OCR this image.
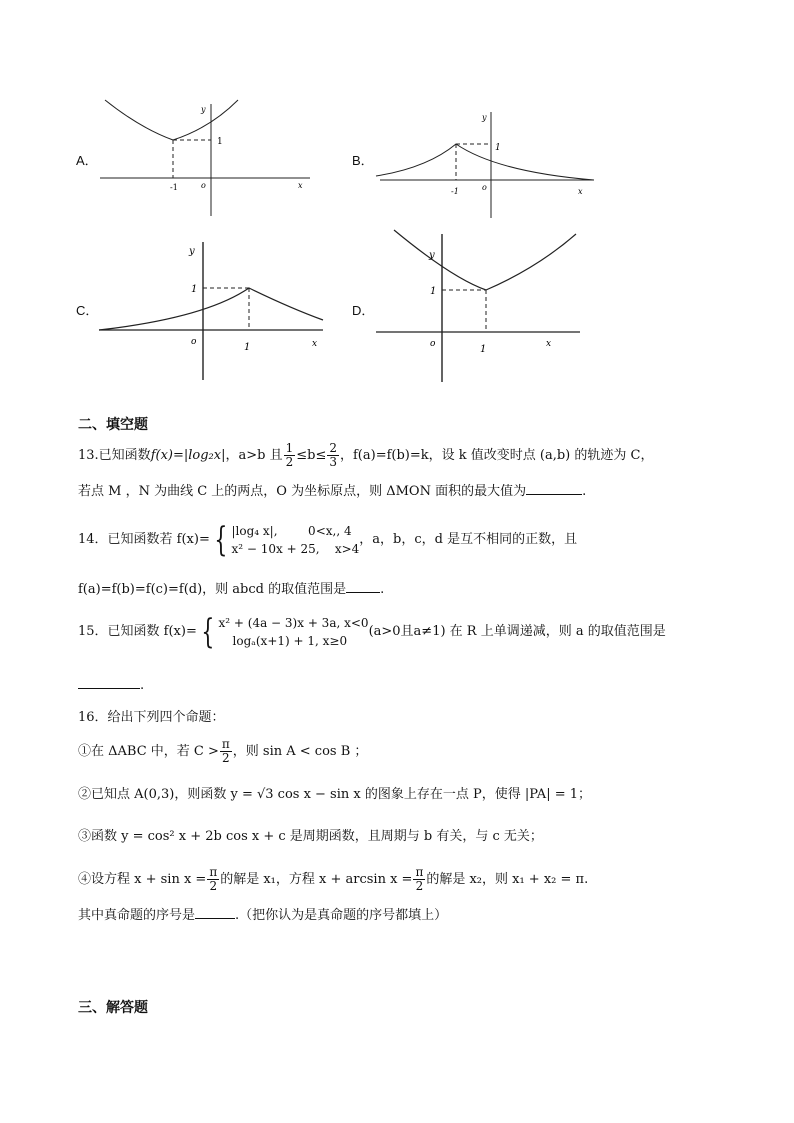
A．
y
1
-1	o	x
B．
y
1
-1	o	x
C．
y
1
o	1	x
D．
y
1
o	1	x
二、填空题
13.已知函数f(x)=|log₂x|，a>b 且 $\frac{1}{2} \le b\le \frac{2}{3}$ ，f(a)=f(b)=k，设 k 值改变时点 (a,b) 的轨迹为 C，
若点 M ，N 为曲线 C 上的两点，O 为坐标原点，则 ΔMON 面积的最大值为	.
14．已知函数若 f(x)= { |log₄ x|,        0<x,, 4
x² − 10x + 25,    x>4
，a，b，c，d 是互不相同的正数，且
f(a)=f(b)=f(c)=f(d)，则 abcd 的取值范围是	.
15．已知函数 f(x)= { x² + (4a − 3)x + 3a, x<0
logₐ(x+1) + 1, x≥0
(a>0且a≠1) 在 R 上单调递减，则 a 的取值范围是
.
16．给出下列四个命题：
①在 ΔABC 中，若 $C > \frac{\pi}{2}$ ，则 sin A < cos B ；
②已知点 A(0,3)，则函数 y = √3 cos x − sin x 的图象上存在一点 P，使得 |PA| = 1；
③函数 y = cos² x + 2b cos x + c 是周期函数，且周期与 b 有关，与 c 无关；
④设方程 $x + \sin x = \frac{\pi}{2}$ 的解是 x₁，方程 $x + \arcsin x = \frac{\pi}{2}$ 的解是 x₂，则 x₁ + x₂ = π.
其中真命题的序号是	.（把你认为是真命题的序号都填上）
三、解答题
